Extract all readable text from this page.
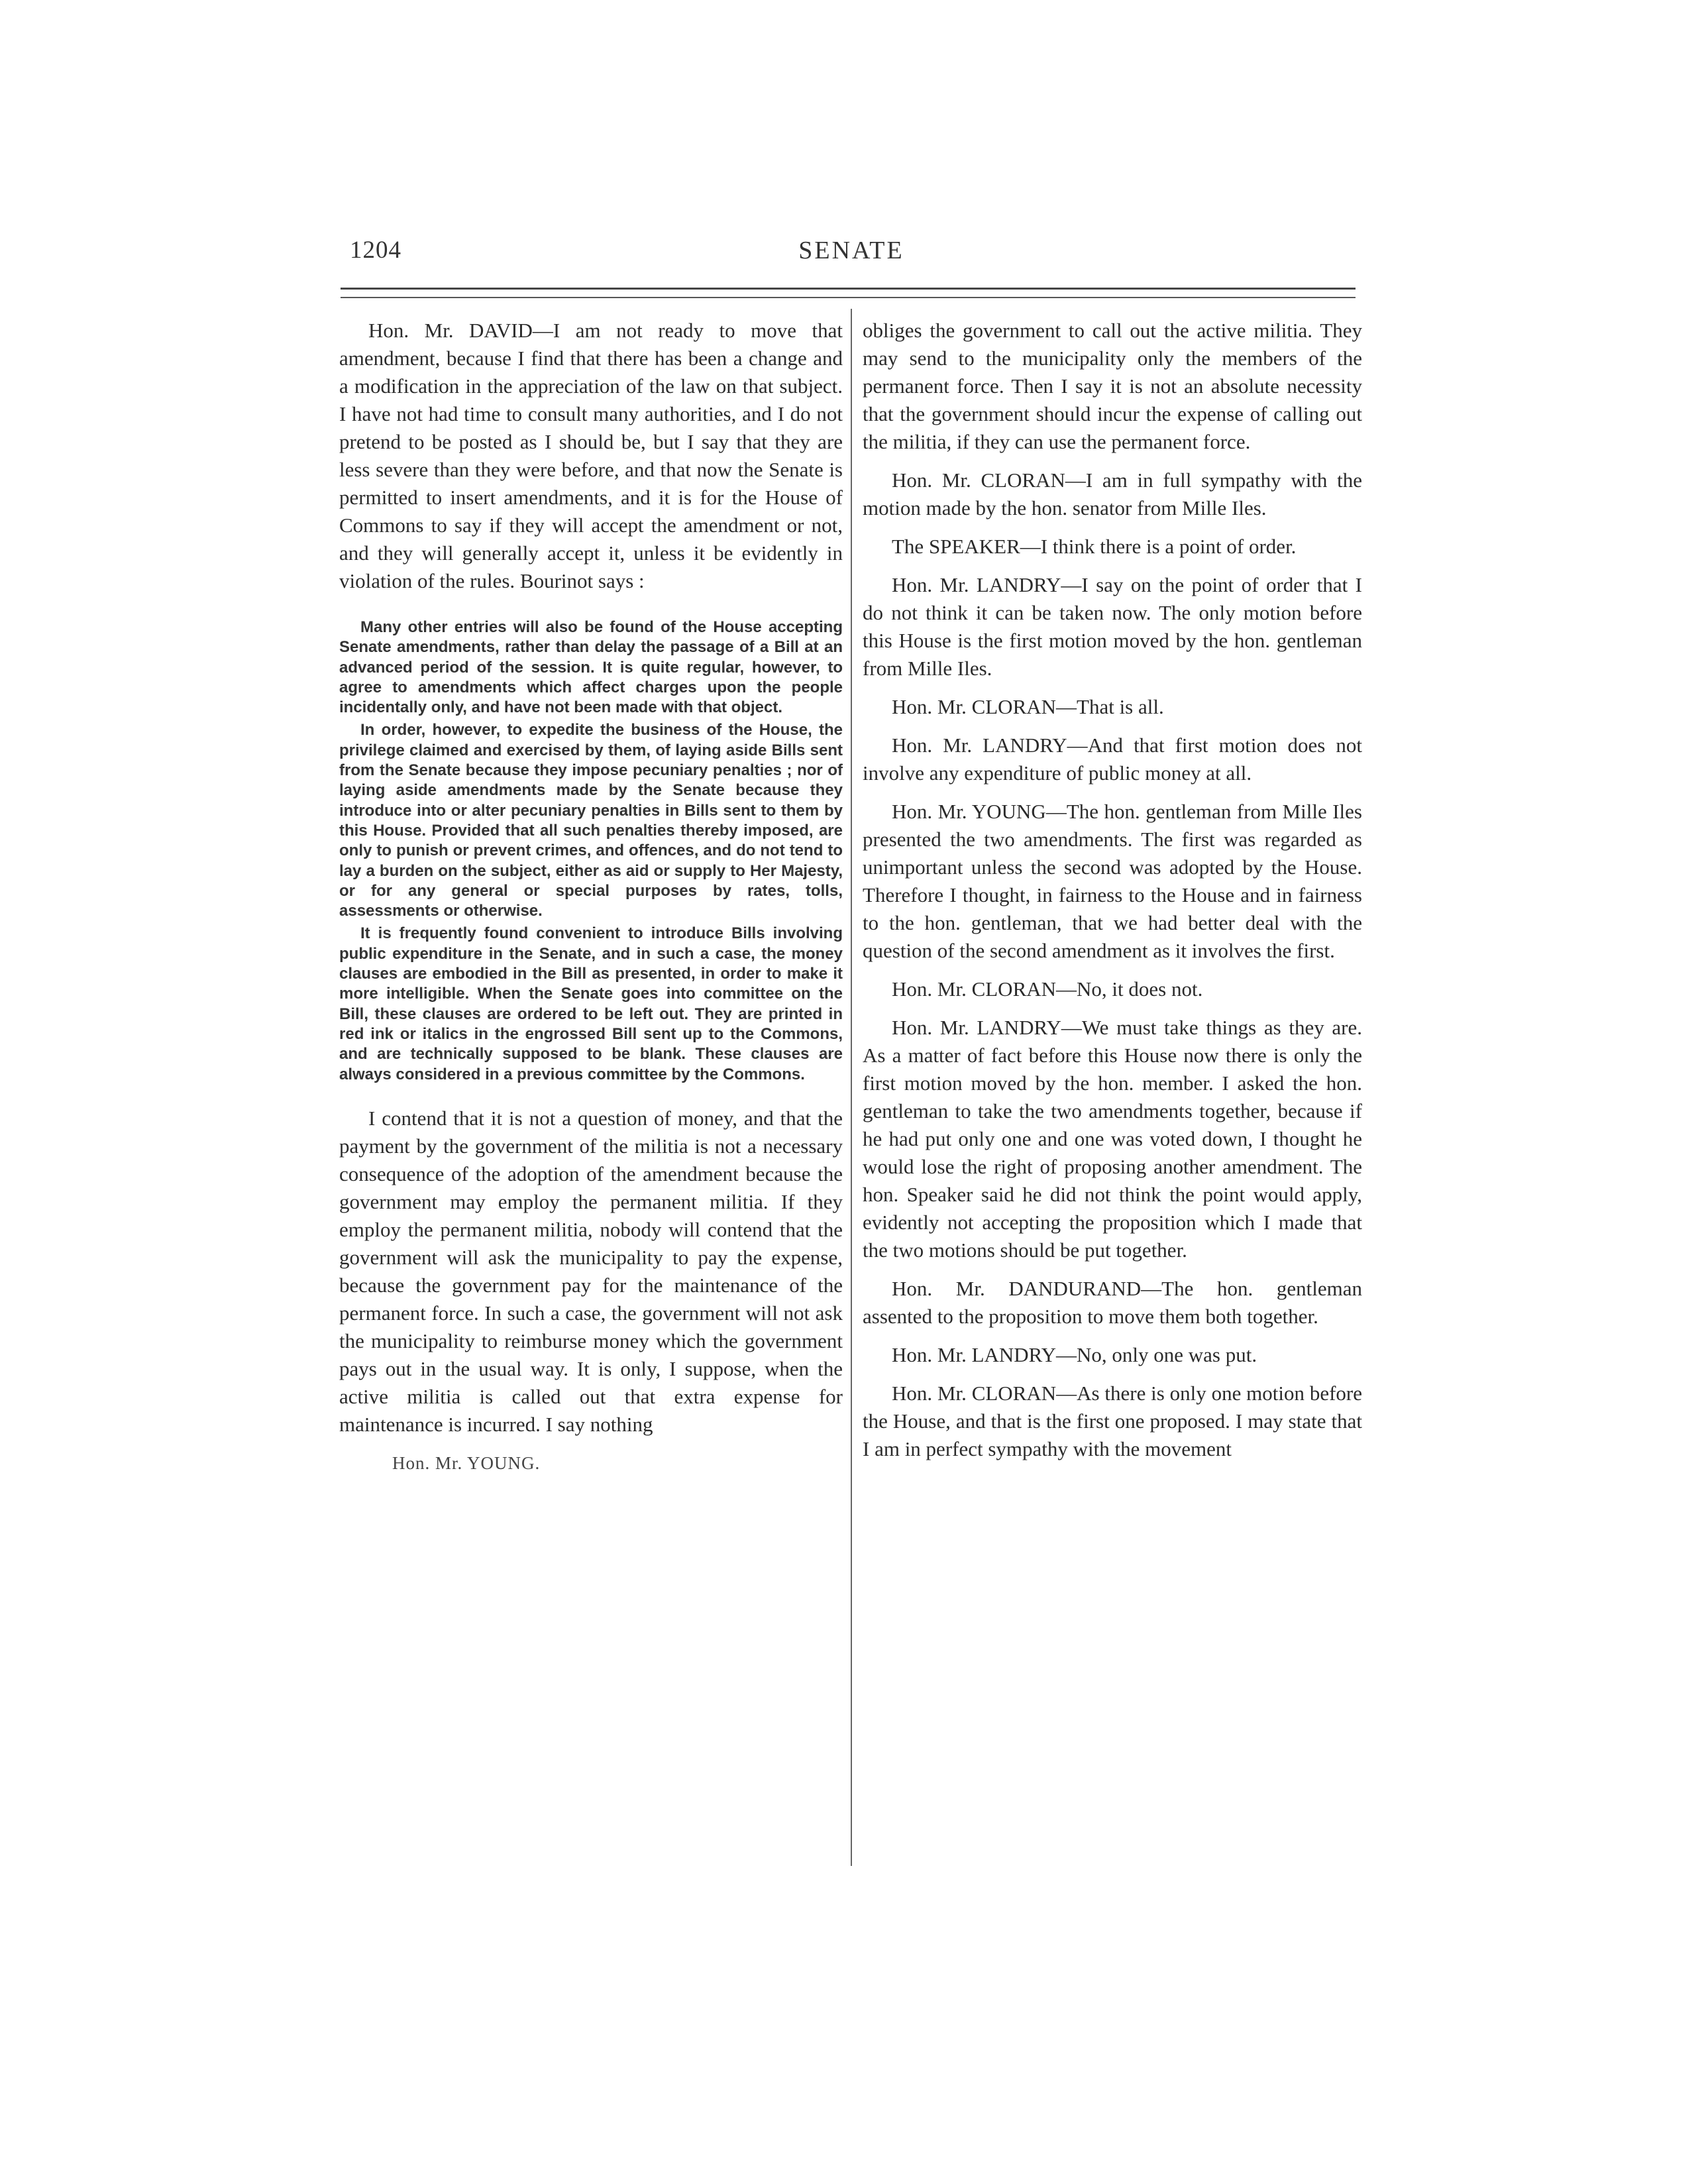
1204	SENATE

Hon. Mr. DAVID—I am not ready to move that amendment, because I find that there has been a change and a modification in the appreciation of the law on that subject. I have not had time to consult many authorities, and I do not pretend to be posted as I should be, but I say that they are less severe than they were before, and that now the Senate is permitted to insert amendments, and it is for the House of Commons to say if they will accept the amendment or not, and they will generally accept it, unless it be evidently in violation of the rules. Bourinot says :

Many other entries will also be found of the House accepting Senate amendments, rather than delay the passage of a Bill at an advanced period of the session. It is quite regular, however, to agree to amendments which affect charges upon the people incidentally only, and have not been made with that object.

In order, however, to expedite the business of the House, the privilege claimed and exercised by them, of laying aside Bills sent from the Senate because they impose pecuniary penalties ; nor of laying aside amendments made by the Senate because they introduce into or alter pecuniary penalties in Bills sent to them by this House. Provided that all such penalties thereby imposed, are only to punish or prevent crimes, and offences, and do not tend to lay a burden on the subject, either as aid or supply to Her Majesty, or for any general or special purposes by rates, tolls, assessments or otherwise.

It is frequently found convenient to introduce Bills involving public expenditure in the Senate, and in such a case, the money clauses are embodied in the Bill as presented, in order to make it more intelligible. When the Senate goes into committee on the Bill, these clauses are ordered to be left out. They are printed in red ink or italics in the engrossed Bill sent up to the Commons, and are technically supposed to be blank. These clauses are always considered in a previous committee by the Commons.

I contend that it is not a question of money, and that the payment by the government of the militia is not a necessary consequence of the adoption of the amendment because the government may employ the permanent militia. If they employ the permanent militia, nobody will contend that the government will ask the municipality to pay the expense, because the government pay for the maintenance of the permanent force. In such a case, the government will not ask the municipality to reimburse money which the government pays out in the usual way. It is only, I suppose, when the active militia is called out that extra expense for maintenance is incurred. I say nothing

Hon. Mr. YOUNG.

obliges the government to call out the active militia. They may send to the municipality only the members of the permanent force. Then I say it is not an absolute necessity that the government should incur the expense of calling out the militia, if they can use the permanent force.

Hon. Mr. CLORAN—I am in full sympathy with the motion made by the hon. senator from Mille Iles.

The SPEAKER—I think there is a point of order.

Hon. Mr. LANDRY—I say on the point of order that I do not think it can be taken now. The only motion before this House is the first motion moved by the hon. gentleman from Mille Iles.

Hon. Mr. CLORAN—That is all.

Hon. Mr. LANDRY—And that first motion does not involve any expenditure of public money at all.

Hon. Mr. YOUNG—The hon. gentleman from Mille Iles presented the two amendments. The first was regarded as unimportant unless the second was adopted by the House. Therefore I thought, in fairness to the House and in fairness to the hon. gentleman, that we had better deal with the question of the second amendment as it involves the first.

Hon. Mr. CLORAN—No, it does not.

Hon. Mr. LANDRY—We must take things as they are. As a matter of fact before this House now there is only the first motion moved by the hon. member. I asked the hon. gentleman to take the two amendments together, because if he had put only one and one was voted down, I thought he would lose the right of proposing another amendment. The hon. Speaker said he did not think the point would apply, evidently not accepting the proposition which I made that the two motions should be put together.

Hon. Mr. DANDURAND—The hon. gentleman assented to the proposition to move them both together.

Hon. Mr. LANDRY—No, only one was put.

Hon. Mr. CLORAN—As there is only one motion before the House, and that is the first one proposed. I may state that I am in perfect sympathy with the movement
